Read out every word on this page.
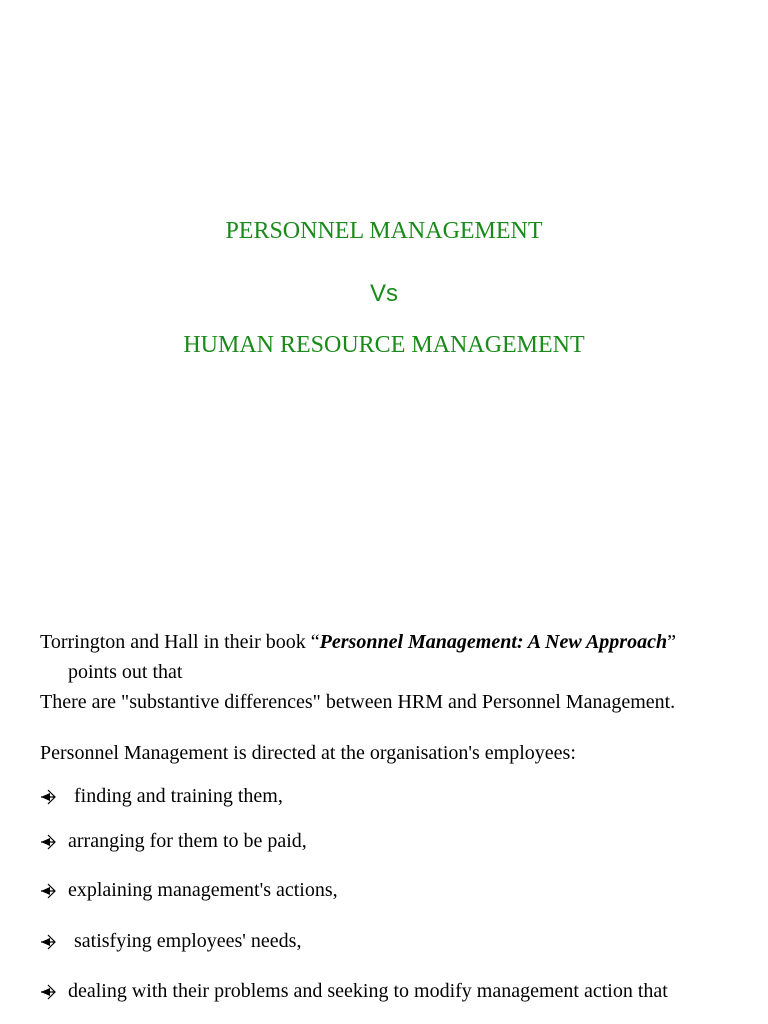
PERSONNEL MANAGEMENT
Vs
HUMAN RESOURCE MANAGEMENT
Torrington and Hall in their book “Personnel Management: A New Approach”
points out that
There are "substantive differences" between HRM and Personnel Management.
Personnel Management is directed at the organisation's employees:
finding and training them,
arranging for them to be paid,
explaining management's actions,
satisfying employees' needs,
dealing with their problems and seeking to modify management action that
